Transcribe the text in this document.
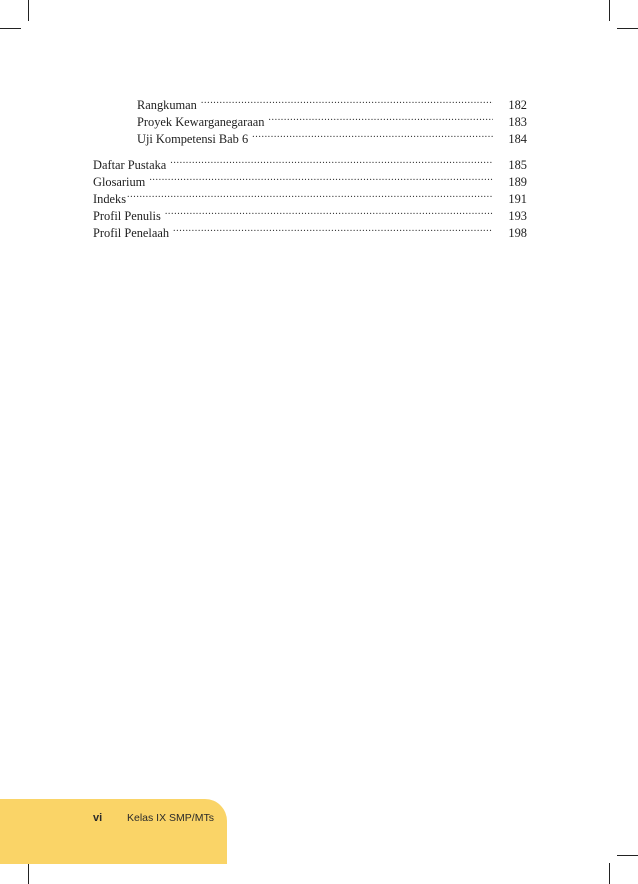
Rangkuman .....	182
Proyek Kewarganegaraan .....	183
Uji Kompetensi Bab 6 .....	184
Daftar Pustaka .....	185
Glosarium .....	189
Indeks .....	191
Profil Penulis .....	193
Profil Penelaah .....	198
vi Kelas IX SMP/MTs
